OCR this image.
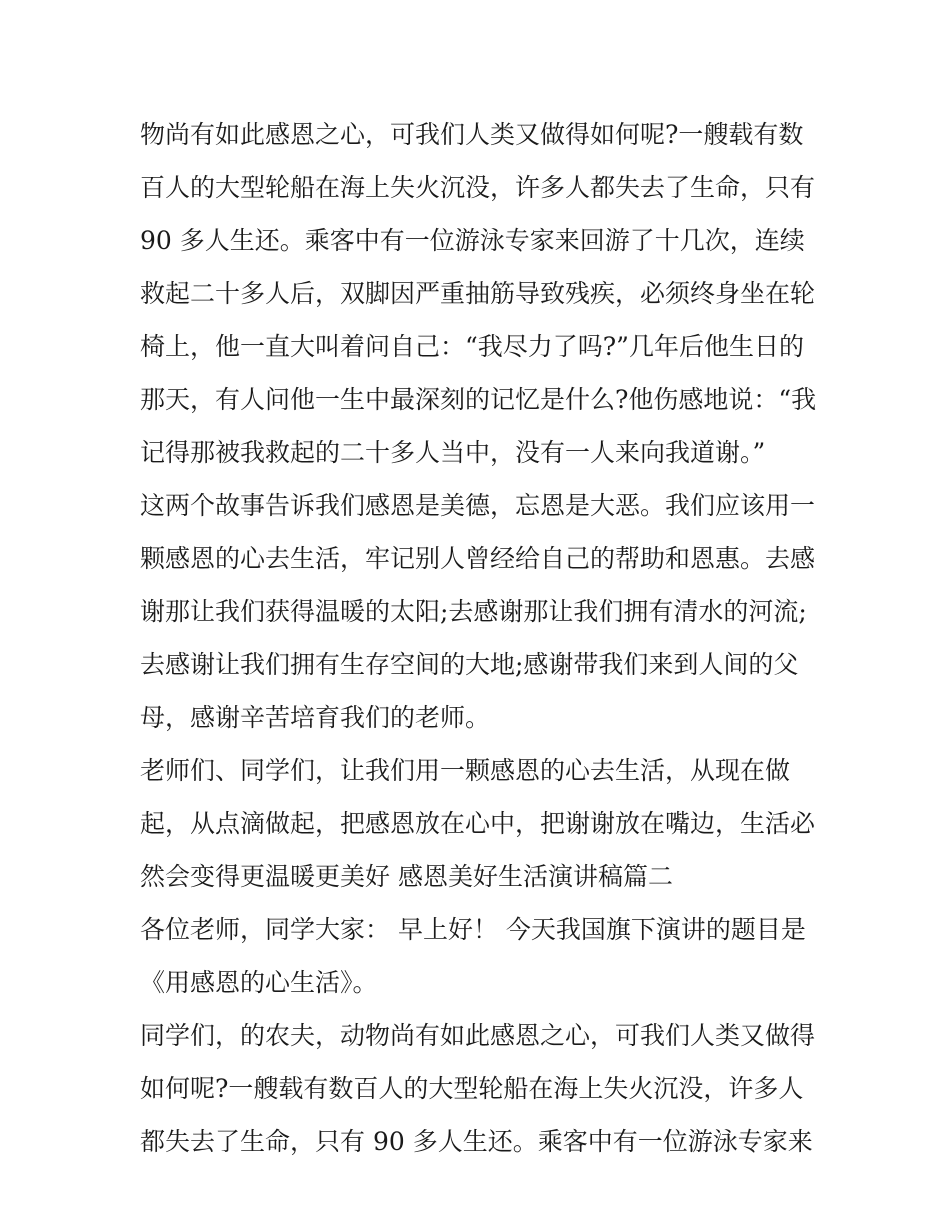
物尚有如此感恩之心，可我们人类又做得如何呢?一艘载有数
百人的大型轮船在海上失火沉没，许多人都失去了生命，只有
90 多人生还。乘客中有一位游泳专家来回游了十几次，连续
救起二十多人后，双脚因严重抽筋导致残疾，必须终身坐在轮
椅上，他一直大叫着问自己：“我尽力了吗?”几年后他生日的
那天，有人问他一生中最深刻的记忆是什么?他伤感地说：“我
记得那被我救起的二十多人当中，没有一人来向我道谢。”
这两个故事告诉我们感恩是美德，忘恩是大恶。我们应该用一
颗感恩的心去生活，牢记别人曾经给自己的帮助和恩惠。去感
谢那让我们获得温暖的太阳;去感谢那让我们拥有清水的河流;
去感谢让我们拥有生存空间的大地;感谢带我们来到人间的父
母，感谢辛苦培育我们的老师。
老师们、同学们，让我们用一颗感恩的心去生活，从现在做
起，从点滴做起，把感恩放在心中，把谢谢放在嘴边，生活必
然会变得更温暖更美好 感恩美好生活演讲稿篇二
各位老师，同学大家： 早上好！ 今天我国旗下演讲的题目是
《用感恩的心生活》。
同学们，的农夫，动物尚有如此感恩之心，可我们人类又做得
如何呢?一艘载有数百人的大型轮船在海上失火沉没，许多人
都失去了生命，只有 90 多人生还。乘客中有一位游泳专家来
